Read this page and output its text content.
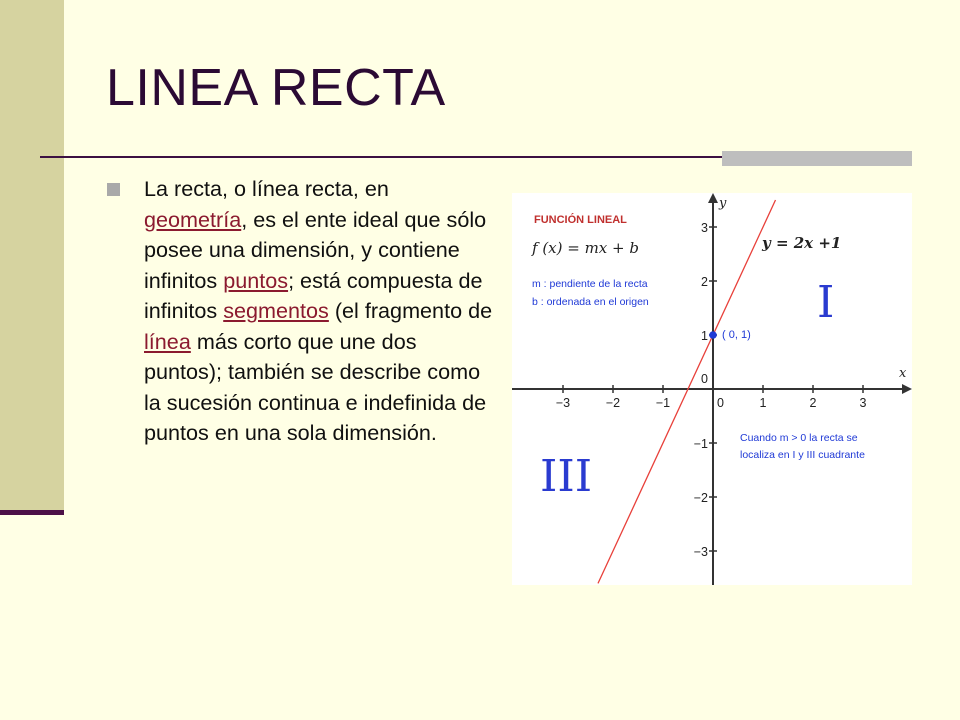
LINEA RECTA
La recta, o línea recta, en geometría, es el ente ideal que sólo posee una dimensión, y contiene infinitos puntos; está compuesta de infinitos segmentos (el fragmento de línea más corto que une dos puntos); también se describe como la sucesión continua e indefinida de puntos en una sola dimensión.
−3	−2	−1	0	1	2	3
−3
−2
−1
0
1
2
3
FUNCIÓN LINEAL
f (x) = mx + b
m : pendiente de la recta
b : ordenada en el origen
y = 2x +1
( 0, 1)
I
III
Cuando m > 0 la recta se
localiza en I y III cuadrante
x
y
